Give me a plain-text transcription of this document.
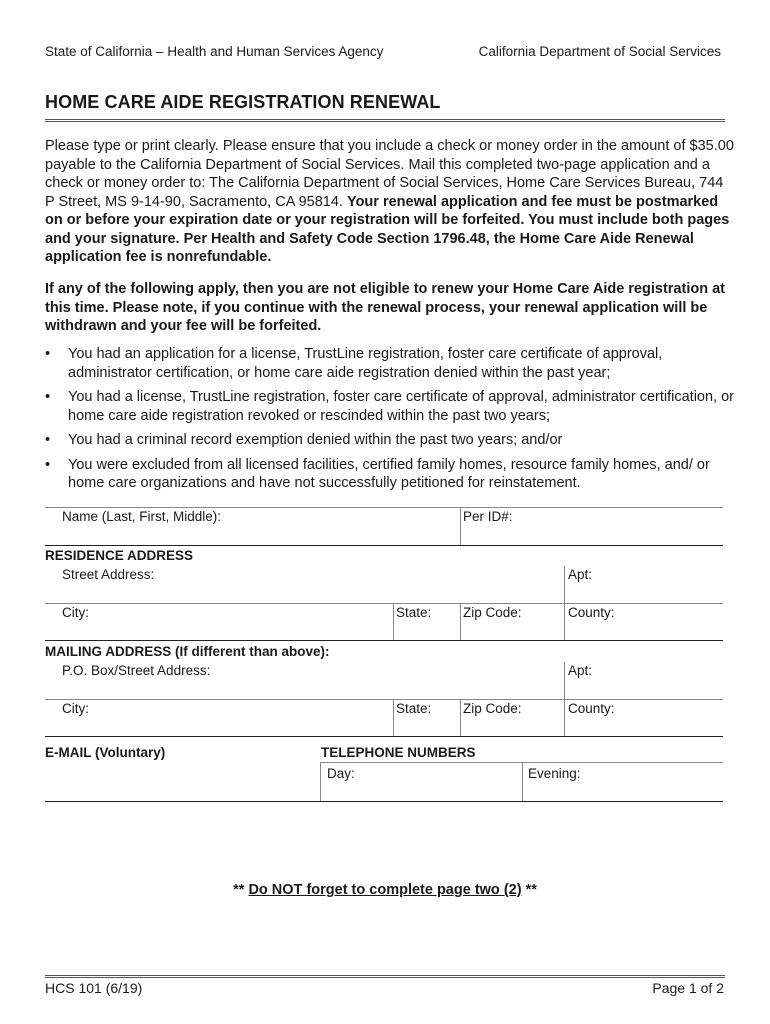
State of California – Health and Human Services Agency	California Department of Social Services
HOME CARE AIDE REGISTRATION RENEWAL
Please type or print clearly. Please ensure that you include a check or money order in the amount of $35.00 payable to the California Department of Social Services. Mail this completed two-page application and a check or money order to: The California Department of Social Services, Home Care Services Bureau, 744 P Street, MS 9-14-90, Sacramento, CA 95814. Your renewal application and fee must be postmarked on or before your expiration date or your registration will be forfeited. You must include both pages and your signature. Per Health and Safety Code Section 1796.48, the Home Care Aide Renewal application fee is nonrefundable.
If any of the following apply, then you are not eligible to renew your Home Care Aide registration at this time. Please note, if you continue with the renewal process, your renewal application will be withdrawn and your fee will be forfeited.
• You had an application for a license, TrustLine registration, foster care certificate of approval, administrator certification, or home care aide registration denied within the past year;
• You had a license, TrustLine registration, foster care certificate of approval, administrator certification, or home care aide registration revoked or rescinded within the past two years;
• You had a criminal record exemption denied within the past two years; and/or
• You were excluded from all licensed facilities, certified family homes, resource family homes, and/ or home care organizations and have not successfully petitioned for reinstatement.
Name (Last, First, Middle):	Per ID#:
RESIDENCE ADDRESS
Street Address:	Apt:
City:	State: Zip Code:	County:
MAILING ADDRESS (If different than above):
P.O. Box/Street Address:	Apt:
City:	State: Zip Code:	County:
E-MAIL (Voluntary)	TELEPHONE NUMBERS
Day:	Evening:
** Do NOT forget to complete page two (2) **
HCS 101 (6/19)	Page 1 of 2
